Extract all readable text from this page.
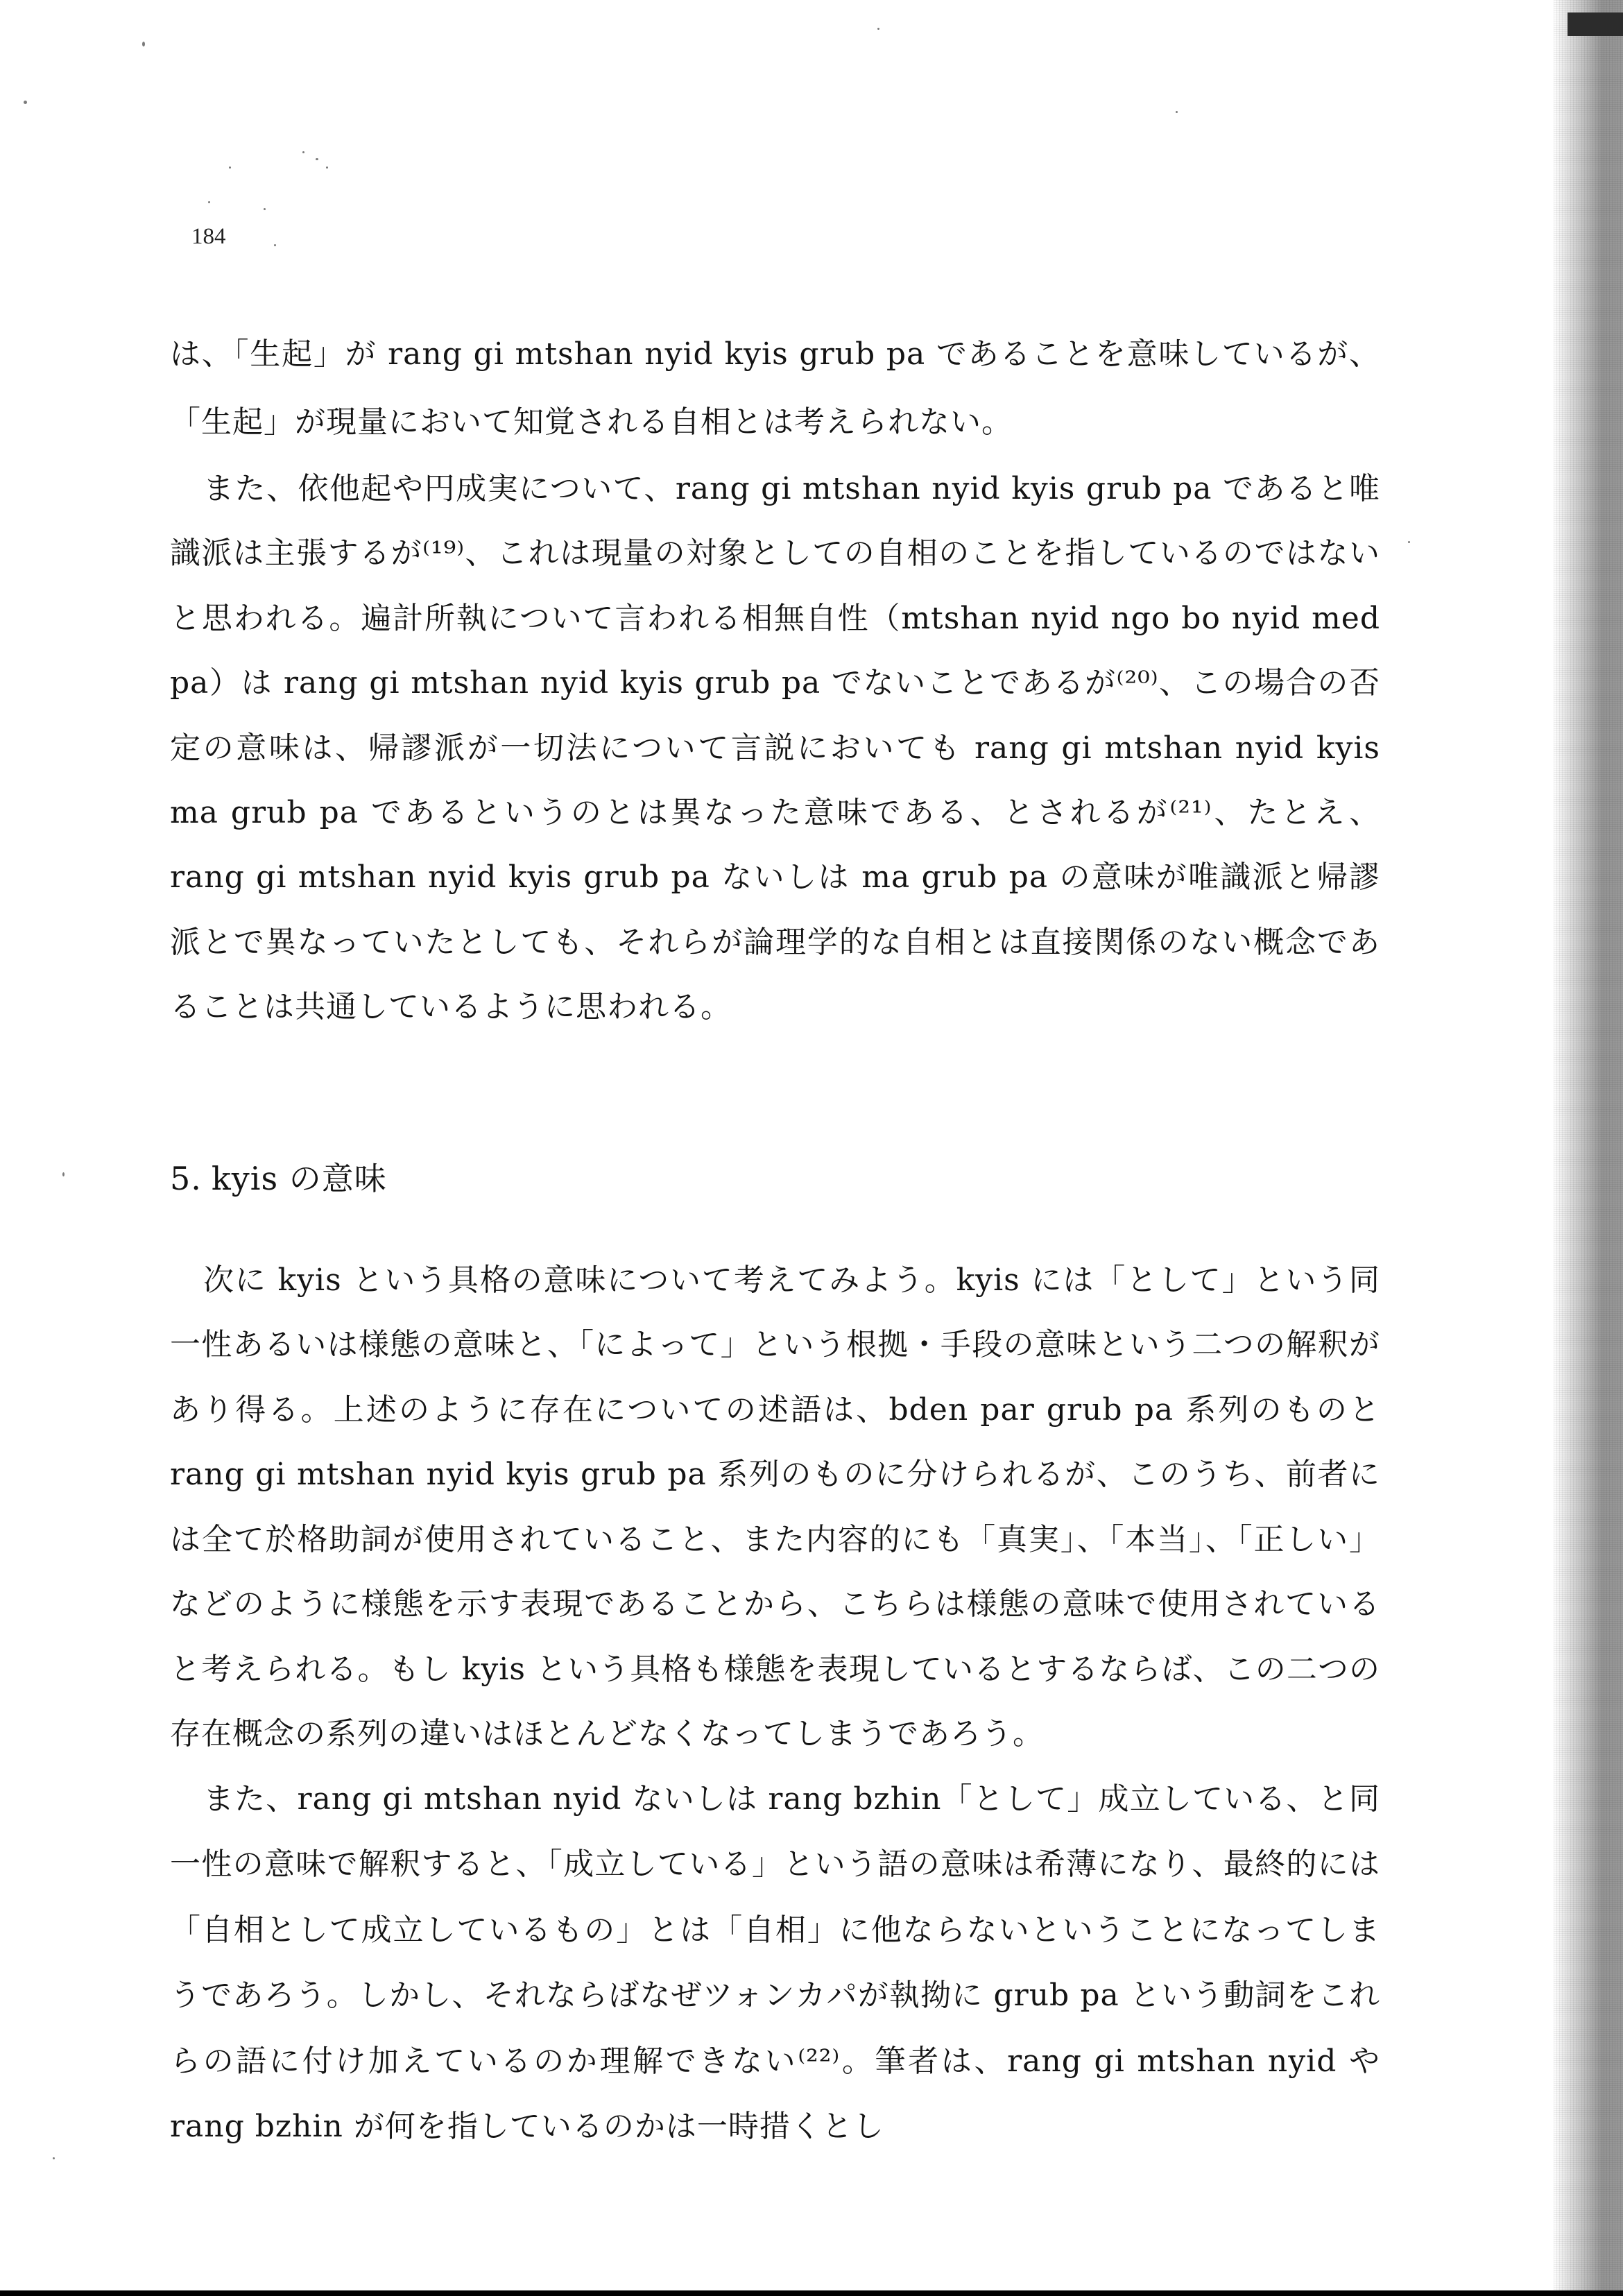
184

は、「生起」が rang gi mtshan nyid kyis grub pa であることを意味しているが、「生起」が現量において知覚される自相とは考えられない。

また、依他起や円成実について、rang gi mtshan nyid kyis grub pa であると唯識派は主張するが⁽¹⁹⁾、これは現量の対象としての自相のことを指しているのではないと思われる。遍計所執について言われる相無自性（mtshan nyid ngo bo nyid med pa）は rang gi mtshan nyid kyis grub pa でないことであるが⁽²⁰⁾、この場合の否定の意味は、帰謬派が一切法について言説においても rang gi mtshan nyid kyis ma grub pa であるというのとは異なった意味である、とされるが⁽²¹⁾、たとえ、rang gi mtshan nyid kyis grub pa ないしは ma grub pa の意味が唯識派と帰謬派とで異なっていたとしても、それらが論理学的な自相とは直接関係のない概念であることは共通しているように思われる。

5. kyis の意味

次に kyis という具格の意味について考えてみよう。kyis には「として」という同一性あるいは様態の意味と、「によって」という根拠・手段の意味という二つの解釈があり得る。上述のように存在についての述語は、bden par grub pa 系列のものと rang gi mtshan nyid kyis grub pa 系列のものに分けられるが、このうち、前者には全て於格助詞が使用されていること、また内容的にも「真実」、「本当」、「正しい」などのように様態を示す表現であることから、こちらは様態の意味で使用されていると考えられる。もし kyis という具格も様態を表現しているとするならば、この二つの存在概念の系列の違いはほとんどなくなってしまうであろう。

また、rang gi mtshan nyid ないしは rang bzhin「として」成立している、と同一性の意味で解釈すると、「成立している」という語の意味は希薄になり、最終的には「自相として成立しているもの」とは「自相」に他ならないということになってしまうであろう。しかし、それならばなぜツォンカパが執拗に grub pa という動詞をこれらの語に付け加えているのか理解できない⁽²²⁾。筆者は、rang gi mtshan nyid や rang bzhin が何を指しているのかは一時措くとし
